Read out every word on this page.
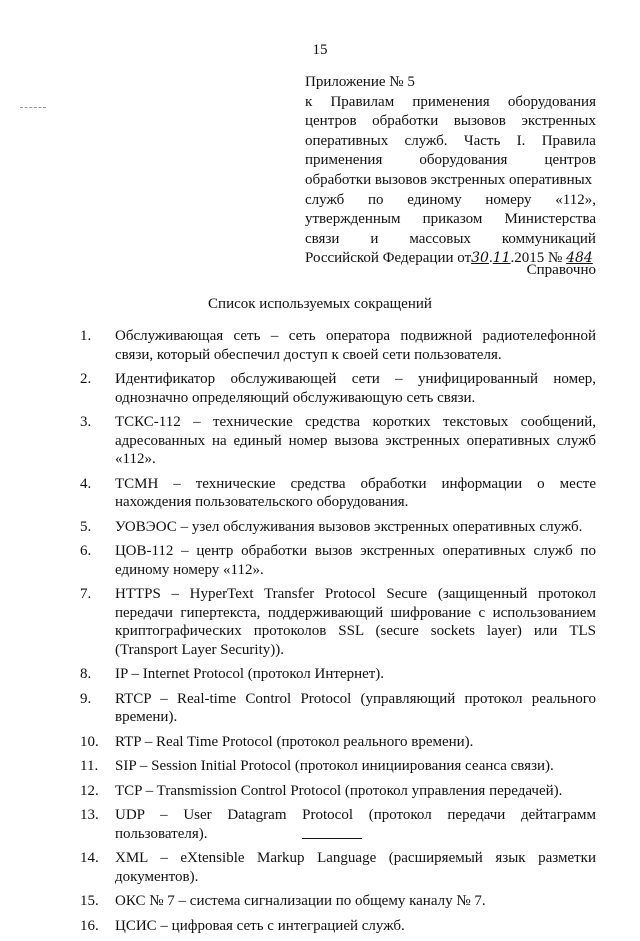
15
Приложение № 5
к Правилам применения оборудования
центров обработки вызовов экстренных
оперативных служб. Часть I. Правила
применения оборудования центров
обработки вызовов экстренных оперативных
служб по единому номеру «112»,
утвержденным приказом Министерства
связи и массовых коммуникаций
Российской Федерации от30.11.2015 № 484
Справочно
Список используемых сокращений
1.	Обслуживающая сеть – сеть оператора подвижной радиотелефонной связи, который обеспечил доступ к своей сети пользователя.
2.	Идентификатор обслуживающей сети – унифицированный номер, однозначно определяющий обслуживающую сеть связи.
3.	ТСКС-112 – технические средства коротких текстовых сообщений, адресованных на единый номер вызова экстренных оперативных служб «112».
4.	ТСМН – технические средства обработки информации о месте нахождения пользовательского оборудования.
5.	УОВЭОС – узел обслуживания вызовов экстренных оперативных служб.
6.	ЦОВ-112 – центр обработки вызов экстренных оперативных служб по единому номеру «112».
7.	HTTPS – HyperText Transfer Protocol Secure (защищенный протокол передачи гипертекста, поддерживающий шифрование с использованием криптографических протоколов SSL (secure sockets layer) или TLS (Transport Layer Security)).
8.	IP – Internet Protocol (протокол Интернет).
9.	RTCP – Real-time Control Protocol (управляющий протокол реального времени).
10.	RTP – Real Time Protocol (протокол реального времени).
11.	SIP – Session Initial Protocol (протокол инициирования сеанса связи).
12.	TCP – Transmission Control Protocol (протокол управления передачей).
13.	UDP – User Datagram Protocol (протокол передачи дейтаграмм пользователя).
14.	XML – eXtensible Markup Language (расширяемый язык разметки документов).
15.	ОКС № 7 – система сигнализации по общему каналу № 7.
16.	ЦСИС – цифровая сеть с интеграцией служб.
